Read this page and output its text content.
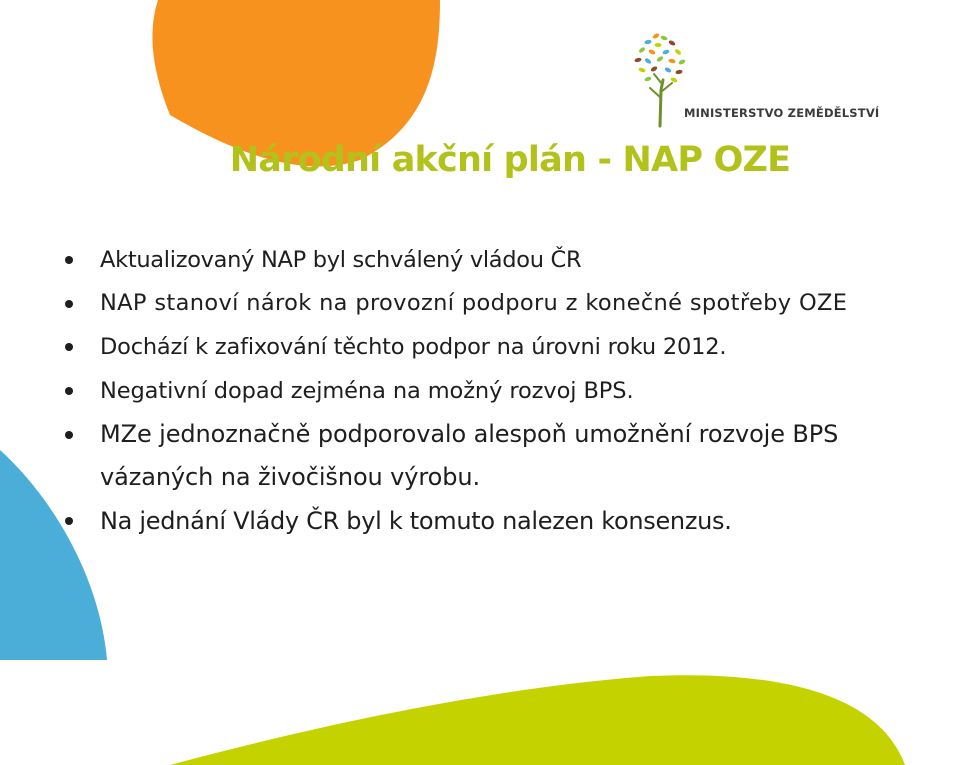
MINISTERSTVO ZEMĚDĚLSTVÍ
Národní akční plán - NAP OZE
Aktualizovaný NAP byl schválený vládou ČR
NAP stanoví nárok na provozní podporu z konečné spotřeby OZE
Dochází k zafixování těchto podpor na úrovni roku 2012.
Negativní dopad zejména na možný rozvoj BPS.
MZe jednoznačně podporovalo alespoň umožnění rozvoje BPS vázaných na živočišnou výrobu.
Na jednání Vlády ČR byl k tomuto nalezen konsenzus.
